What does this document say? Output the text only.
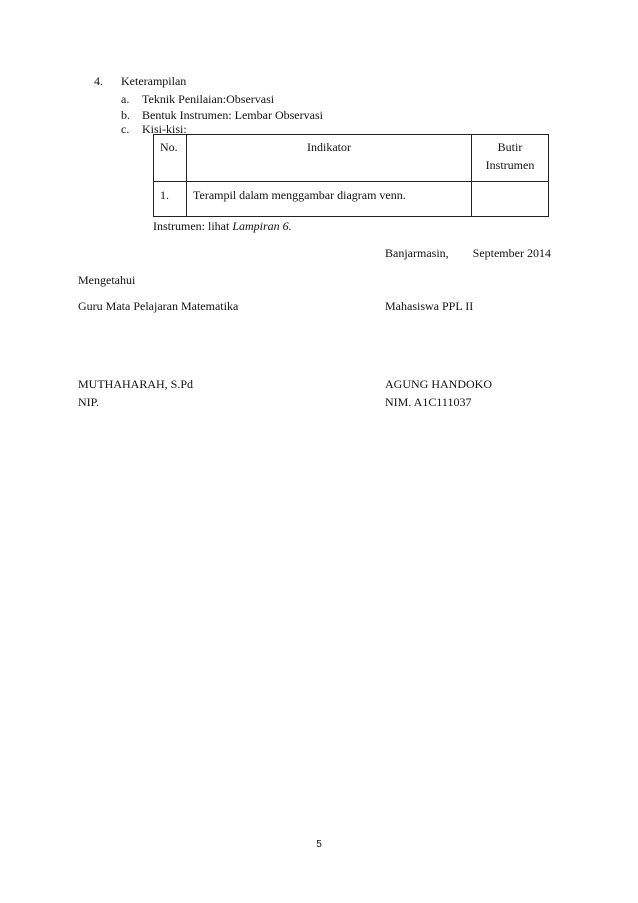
4. Keterampilan
a. Teknik Penilaian:Observasi
b. Bentuk Instrumen: Lembar Observasi
c. Kisi-kisi:
No.	Indikator	Butir Instrumen
1.	Terampil dalam menggambar diagram venn.	
Instrumen: lihat Lampiran 6.
Banjarmasin,        September 2014
Mengetahui
Guru Mata Pelajaran Matematika	Mahasiswa PPL II
MUTHAHARAH, S.Pd	AGUNG HANDOKO
NIP.	NIM. A1C111037
5
